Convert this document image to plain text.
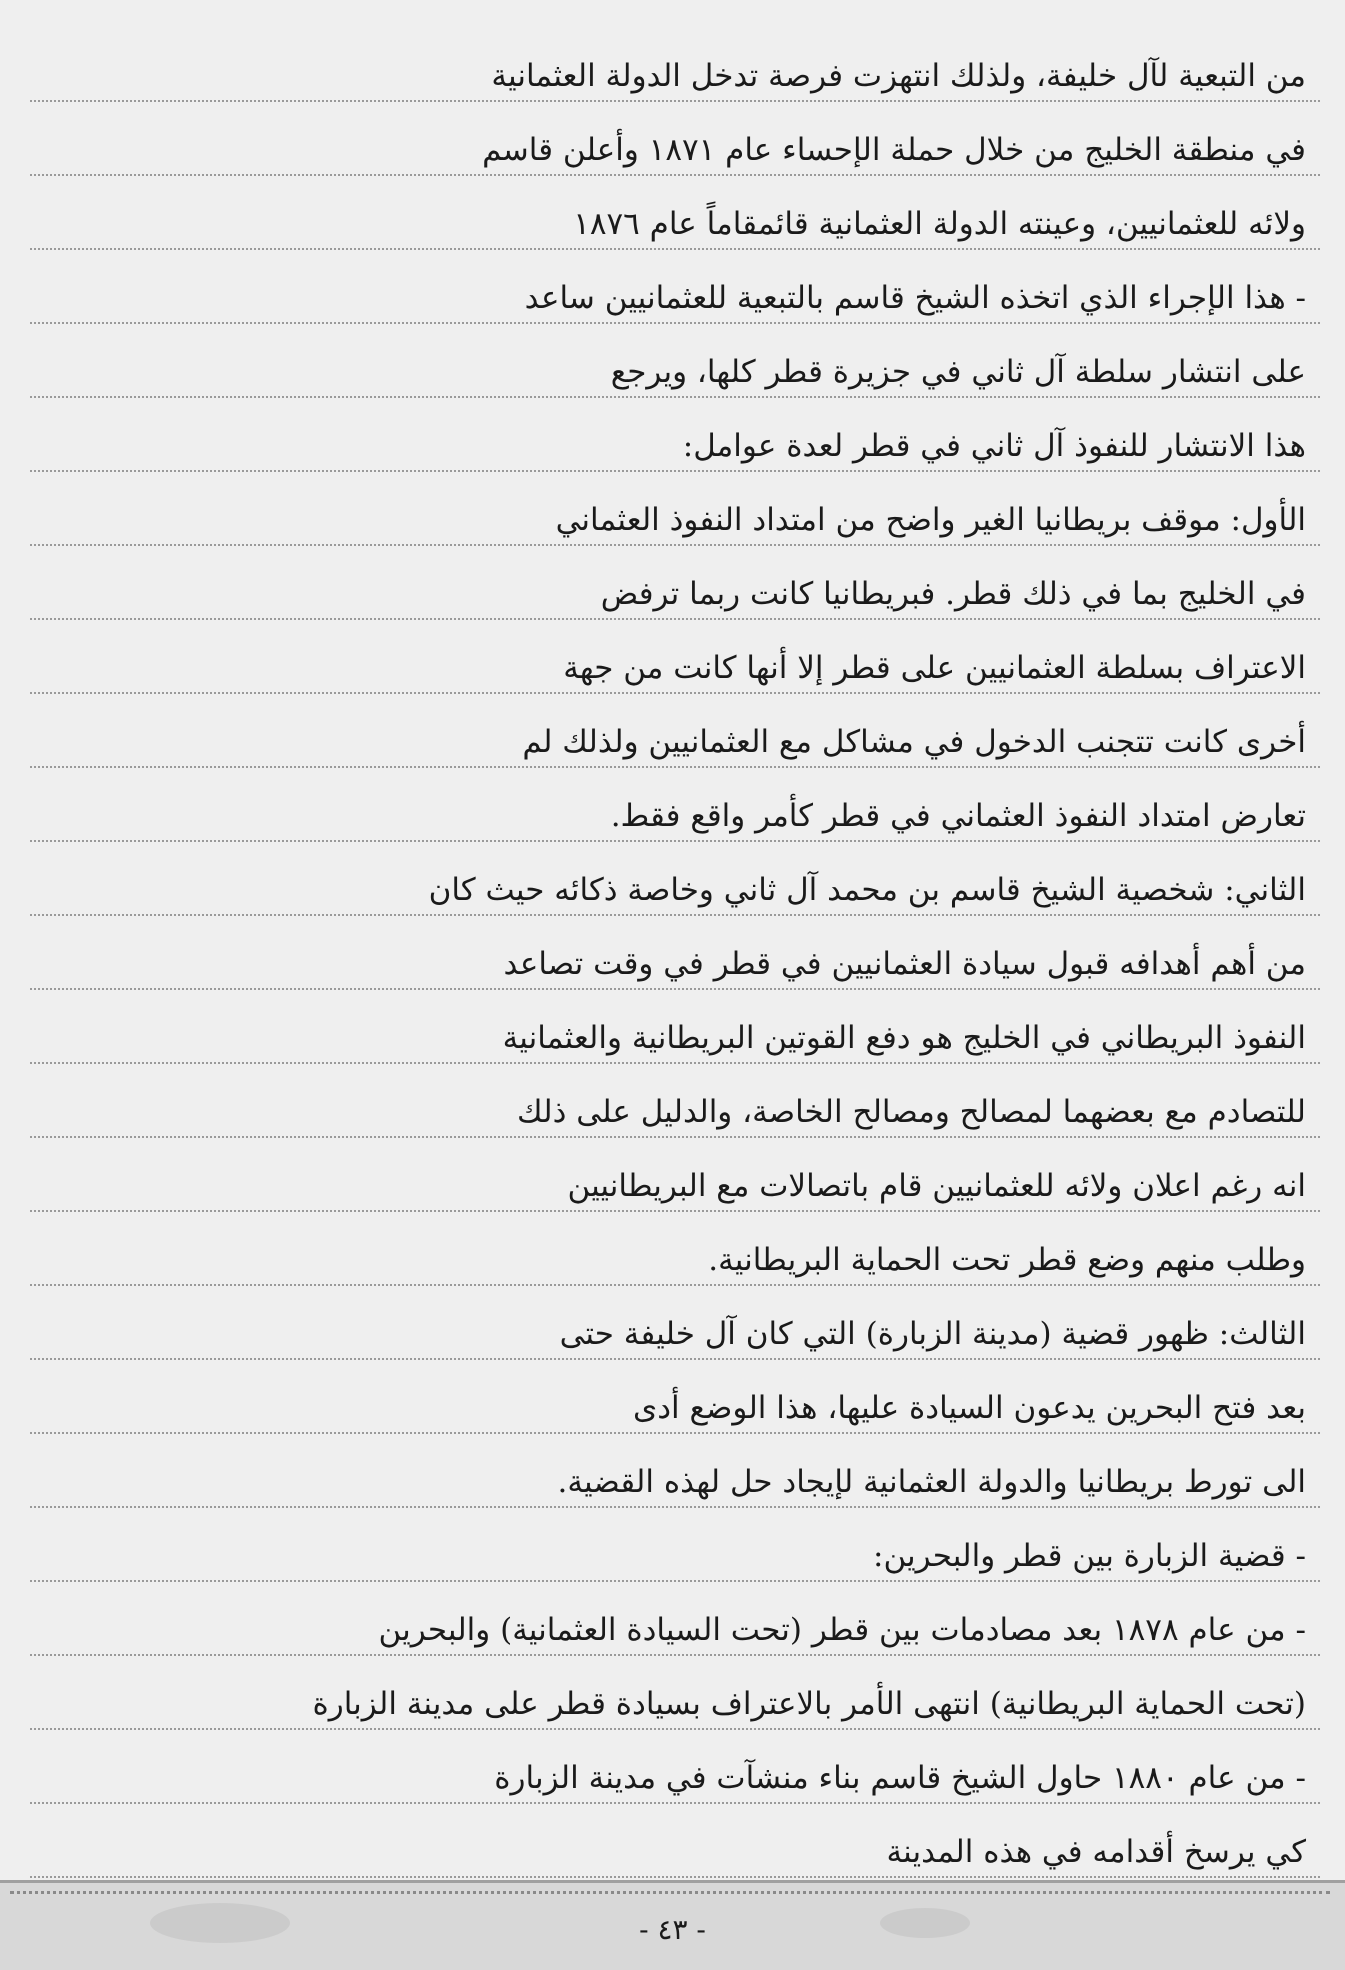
من التبعية لآل خليفة، ولذلك انتهزت فرصة تدخل الدولة العثمانية
في منطقة الخليج من خلال حملة الإحساء عام ١٨٧١ وأعلن قاسم
ولائه للعثمانيين، وعينته الدولة العثمانية قائمقاماً عام ١٨٧٦
- هذا الإجراء الذي اتخذه الشيخ قاسم بالتبعية للعثمانيين ساعد
على انتشار سلطة آل ثاني في جزيرة قطر كلها، ويرجع
هذا الانتشار للنفوذ آل ثاني في قطر لعدة عوامل:
الأول: موقف بريطانيا الغير واضح من امتداد النفوذ العثماني
في الخليج بما في ذلك قطر. فبريطانيا كانت ربما ترفض
الاعتراف بسلطة العثمانيين على قطر إلا أنها كانت من جهة
أخرى كانت تتجنب الدخول في مشاكل مع العثمانيين ولذلك لم
تعارض امتداد النفوذ العثماني في قطر كأمر واقع فقط.
الثاني: شخصية الشيخ قاسم بن محمد آل ثاني وخاصة ذكائه حيث كان
من أهم أهدافه قبول سيادة العثمانيين في قطر في وقت تصاعد
النفوذ البريطاني في الخليج هو دفع القوتين البريطانية والعثمانية
للتصادم مع بعضهما لمصالح ومصالح الخاصة، والدليل على ذلك
انه رغم اعلان ولائه للعثمانيين قام باتصالات مع البريطانيين
وطلب منهم وضع قطر تحت الحماية البريطانية.
الثالث: ظهور قضية (مدينة الزبارة) التي كان آل خليفة حتى
بعد فتح البحرين يدعون السيادة عليها، هذا الوضع أدى
الى تورط بريطانيا والدولة العثمانية لإيجاد حل لهذه القضية.
- قضية الزبارة بين قطر والبحرين:
- من عام ١٨٧٨ بعد مصادمات بين قطر (تحت السيادة العثمانية) والبحرين
(تحت الحماية البريطانية) انتهى الأمر بالاعتراف بسيادة قطر على مدينة الزبارة
- من عام ١٨٨٠ حاول الشيخ قاسم بناء منشآت في مدينة الزبارة
كي يرسخ أقدامه في هذه المدينة
- ٤٣ -
